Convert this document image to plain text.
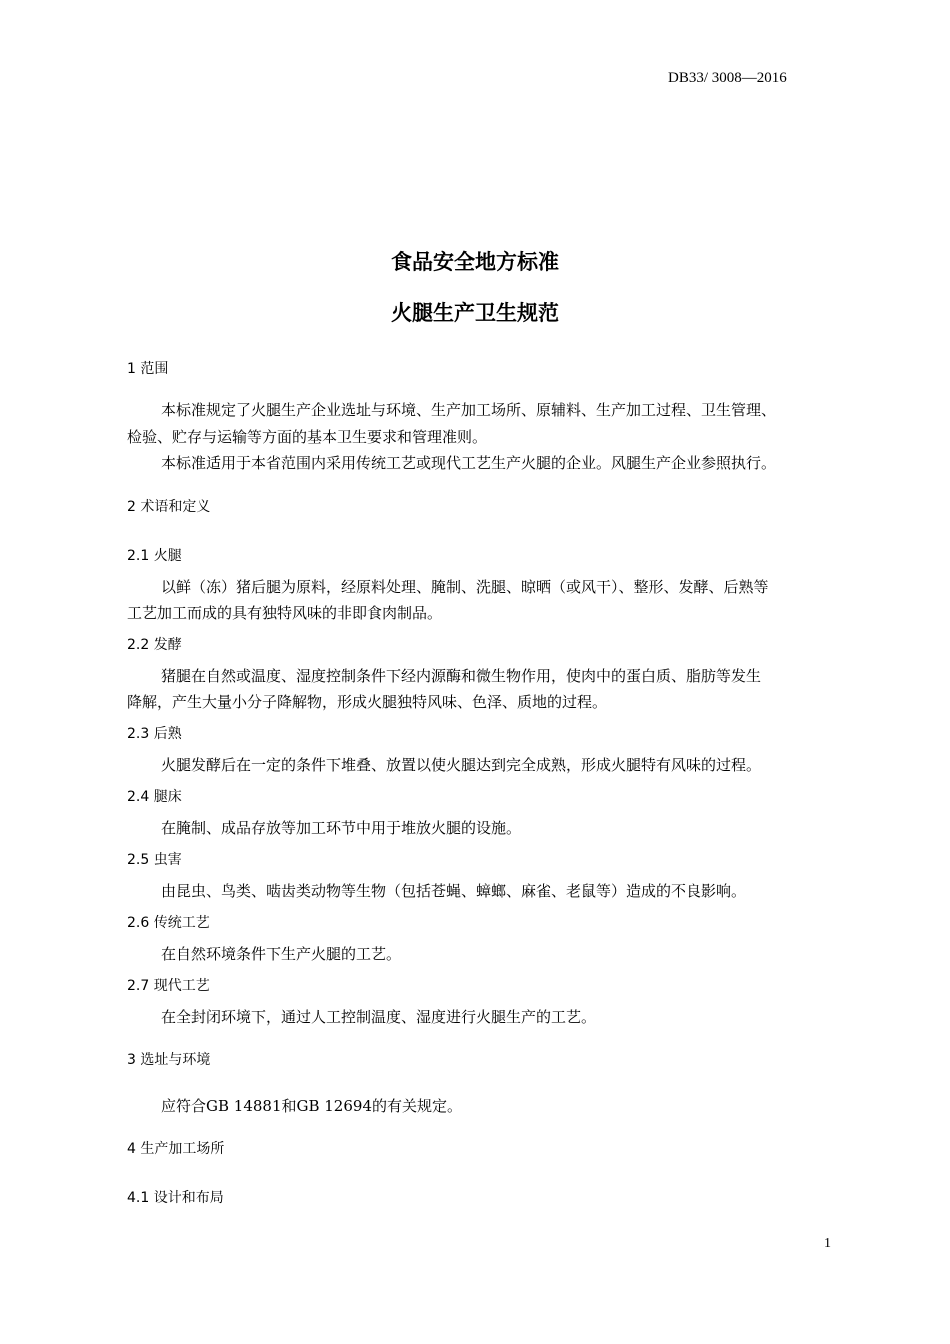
DB33/ 3008—2016
食品安全地方标准
火腿生产卫生规范
1 范围
本标准规定了火腿生产企业选址与环境、生产加工场所、原辅料、生产加工过程、卫生管理、
检验、贮存与运输等方面的基本卫生要求和管理准则。
本标准适用于本省范围内采用传统工艺或现代工艺生产火腿的企业。风腿生产企业参照执行。
2 术语和定义
2.1 火腿
以鲜（冻）猪后腿为原料，经原料处理、腌制、洗腿、晾晒（或风干）、整形、发酵、后熟等
工艺加工而成的具有独特风味的非即食肉制品。
2.2 发酵
猪腿在自然或温度、湿度控制条件下经内源酶和微生物作用，使肉中的蛋白质、脂肪等发生
降解，产生大量小分子降解物，形成火腿独特风味、色泽、质地的过程。
2.3 后熟
火腿发酵后在一定的条件下堆叠、放置以使火腿达到完全成熟，形成火腿特有风味的过程。
2.4 腿床
在腌制、成品存放等加工环节中用于堆放火腿的设施。
2.5 虫害
由昆虫、鸟类、啮齿类动物等生物（包括苍蝇、蟑螂、麻雀、老鼠等）造成的不良影响。
2.6 传统工艺
在自然环境条件下生产火腿的工艺。
2.7 现代工艺
在全封闭环境下，通过人工控制温度、湿度进行火腿生产的工艺。
3 选址与环境
应符合GB 14881和GB 12694的有关规定。
4 生产加工场所
4.1 设计和布局
1
